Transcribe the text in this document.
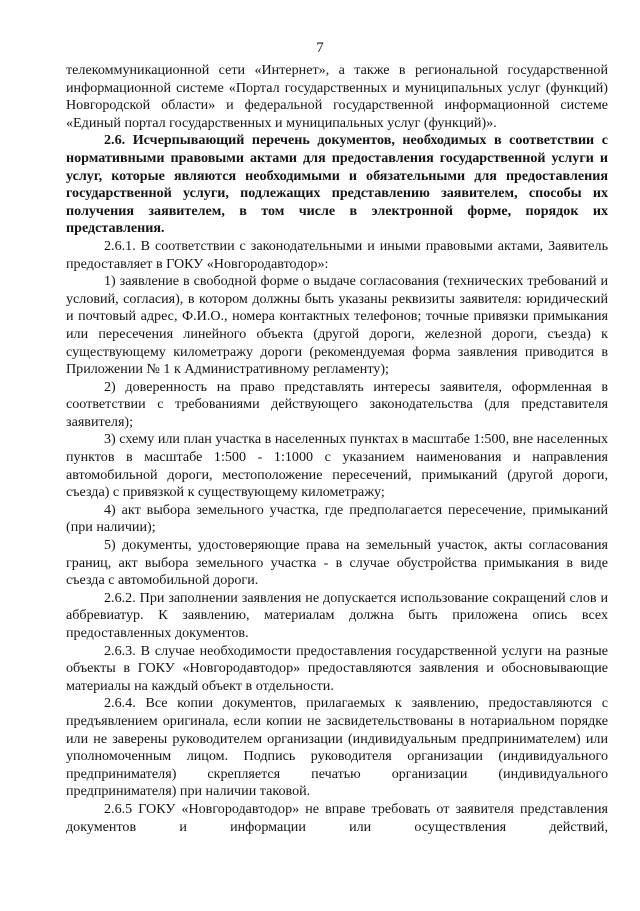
7

телекоммуникационной сети «Интернет», а также в региональной государственной информационной системе «Портал государственных и муниципальных услуг (функций) Новгородской области» и федеральной государственной информационной системе «Единый портал государственных и муниципальных услуг (функций)».

2.6. Исчерпывающий перечень документов, необходимых в соответствии с нормативными правовыми актами для предоставления государственной услуги и услуг, которые являются необходимыми и обязательными для предоставления государственной услуги, подлежащих представлению заявителем, способы их получения заявителем, в том числе в электронной форме, порядок их представления.

2.6.1. В соответствии с законодательными и иными правовыми актами, Заявитель предоставляет в ГОКУ «Новгородавтодор»:

1) заявление в свободной форме о выдаче согласования (технических требований и условий, согласия), в котором должны быть указаны реквизиты заявителя: юридический и почтовый адрес, Ф.И.О., номера контактных телефонов; точные привязки примыкания или пересечения линейного объекта (другой дороги, железной дороги, съезда) к существующему километражу дороги (рекомендуемая форма заявления приводится в Приложении № 1 к Административному регламенту);

2) доверенность на право представлять интересы заявителя, оформленная в соответствии с требованиями действующего законодательства (для представителя заявителя);

3) схему или план участка в населенных пунктах в масштабе 1:500, вне населенных пунктов в масштабе 1:500 - 1:1000 с указанием наименования и направления автомобильной дороги, местоположение пересечений, примыканий (другой дороги, съезда) с привязкой к существующему километражу;

4) акт выбора земельного участка, где предполагается пересечение, примыканий (при наличии);

5) документы, удостоверяющие права на земельный участок, акты согласования границ, акт выбора земельного участка - в случае обустройства примыкания в виде съезда с автомобильной дороги.

2.6.2. При заполнении заявления не допускается использование сокращений слов и аббревиатур. К заявлению, материалам должна быть приложена опись всех предоставленных документов.

2.6.3. В случае необходимости предоставления государственной услуги на разные объекты в ГОКУ «Новгородавтодор» предоставляются заявления и обосновывающие материалы на каждый объект в отдельности.

2.6.4. Все копии документов, прилагаемых к заявлению, предоставляются с предъявлением оригинала, если копии не засвидетельствованы в нотариальном порядке или не заверены руководителем организации (индивидуальным предпринимателем) или уполномоченным лицом. Подпись руководителя организации (индивидуального предпринимателя) скрепляется печатью организации (индивидуального предпринимателя) при наличии таковой.

2.6.5 ГОКУ «Новгородавтодор» не вправе требовать от заявителя представления документов и информации или осуществления действий,
